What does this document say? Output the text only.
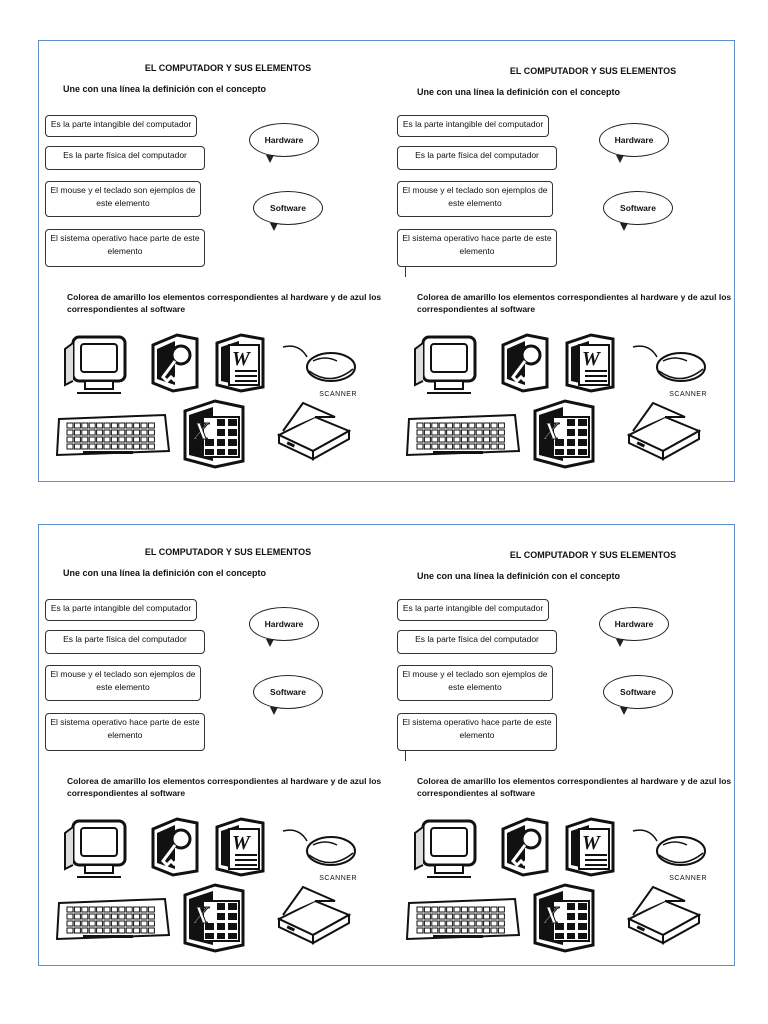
EL COMPUTADOR Y SUS ELEMENTOS
Une con una línea la definición con el concepto
Es la parte intangible del computador
Es la parte física del computador
El mouse y el teclado son ejemplos de este elemento
El sistema operativo hace parte de este elemento
Hardware
Software
Colorea de amarillo los elementos correspondientes al hardware y de azul los correspondientes al software
W
X
SCANNER
EL COMPUTADOR Y SUS ELEMENTOS
Une con una línea la definición con el concepto
Es la parte intangible del computador
Es la parte física del computador
El mouse y el teclado son ejemplos de este elemento
El sistema operativo hace parte de este elemento
Hardware
Software
Colorea de amarillo los elementos correspondientes al hardware y de azul los correspondientes al software
W
X
SCANNER
EL COMPUTADOR Y SUS ELEMENTOS
Une con una línea la definición con el concepto
Es la parte intangible del computador
Es la parte física del computador
El mouse y el teclado son ejemplos de este elemento
El sistema operativo hace parte de este elemento
Hardware
Software
Colorea de amarillo los elementos correspondientes al hardware y de azul los correspondientes al software
W
X
SCANNER
EL COMPUTADOR Y SUS ELEMENTOS
Une con una línea la definición con el concepto
Es la parte intangible del computador
Es la parte física del computador
El mouse y el teclado son ejemplos de este elemento
El sistema operativo hace parte de este elemento
Hardware
Software
Colorea de amarillo los elementos correspondientes al hardware y de azul los correspondientes al software
W
X
SCANNER
